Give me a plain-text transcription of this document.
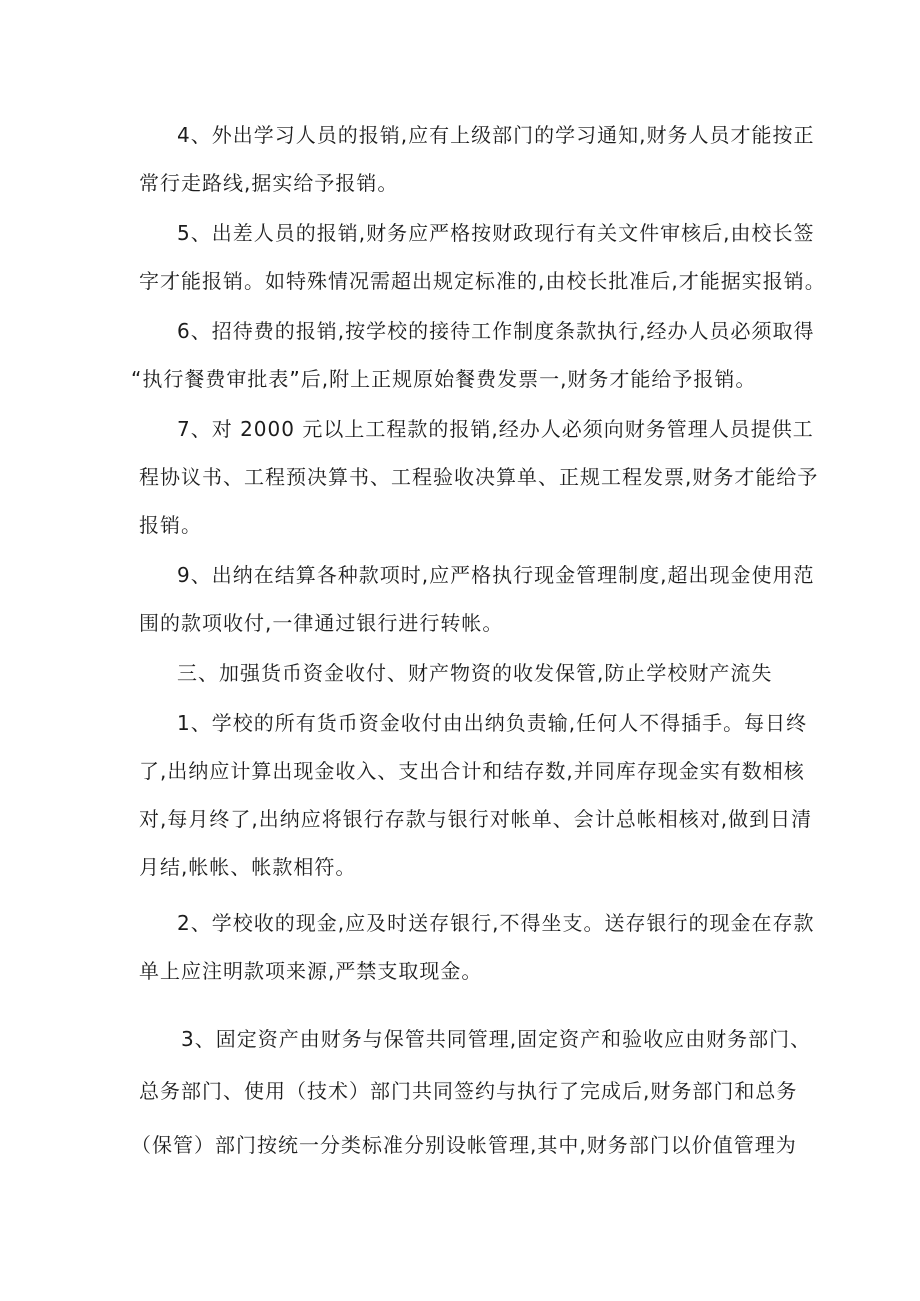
4、外出学习人员的报销,应有上级部门的学习通知,财务人员才能按正
常行走路线,据实给予报销。
5、出差人员的报销,财务应严格按财政现行有关文件审核后,由校长签
字才能报销。如特殊情况需超出规定标准的,由校长批准后,才能据实报销。
6、招待费的报销,按学校的接待工作制度条款执行,经办人员必须取得
“执行餐费审批表”后,附上正规原始餐费发票一,财务才能给予报销。
7、对 2000 元以上工程款的报销,经办人必须向财务管理人员提供工
程协议书、工程预决算书、工程验收决算单、正规工程发票,财务才能给予
报销。
9、出纳在结算各种款项时,应严格执行现金管理制度,超出现金使用范
围的款项收付,一律通过银行进行转帐。
三、加强货币资金收付、财产物资的收发保管,防止学校财产流失
1、学校的所有货币资金收付由出纳负责输,任何人不得插手。每日终
了,出纳应计算出现金收入、支出合计和结存数,并同库存现金实有数相核
对,每月终了,出纳应将银行存款与银行对帐单、会计总帐相核对,做到日清
月结,帐帐、帐款相符。
2、学校收的现金,应及时送存银行,不得坐支。送存银行的现金在存款
单上应注明款项来源,严禁支取现金。
3、固定资产由财务与保管共同管理,固定资产和验收应由财务部门、
总务部门、使用（技术）部门共同签约与执行了完成后,财务部门和总务
（保管）部门按统一分类标准分别设帐管理,其中,财务部门以价值管理为
